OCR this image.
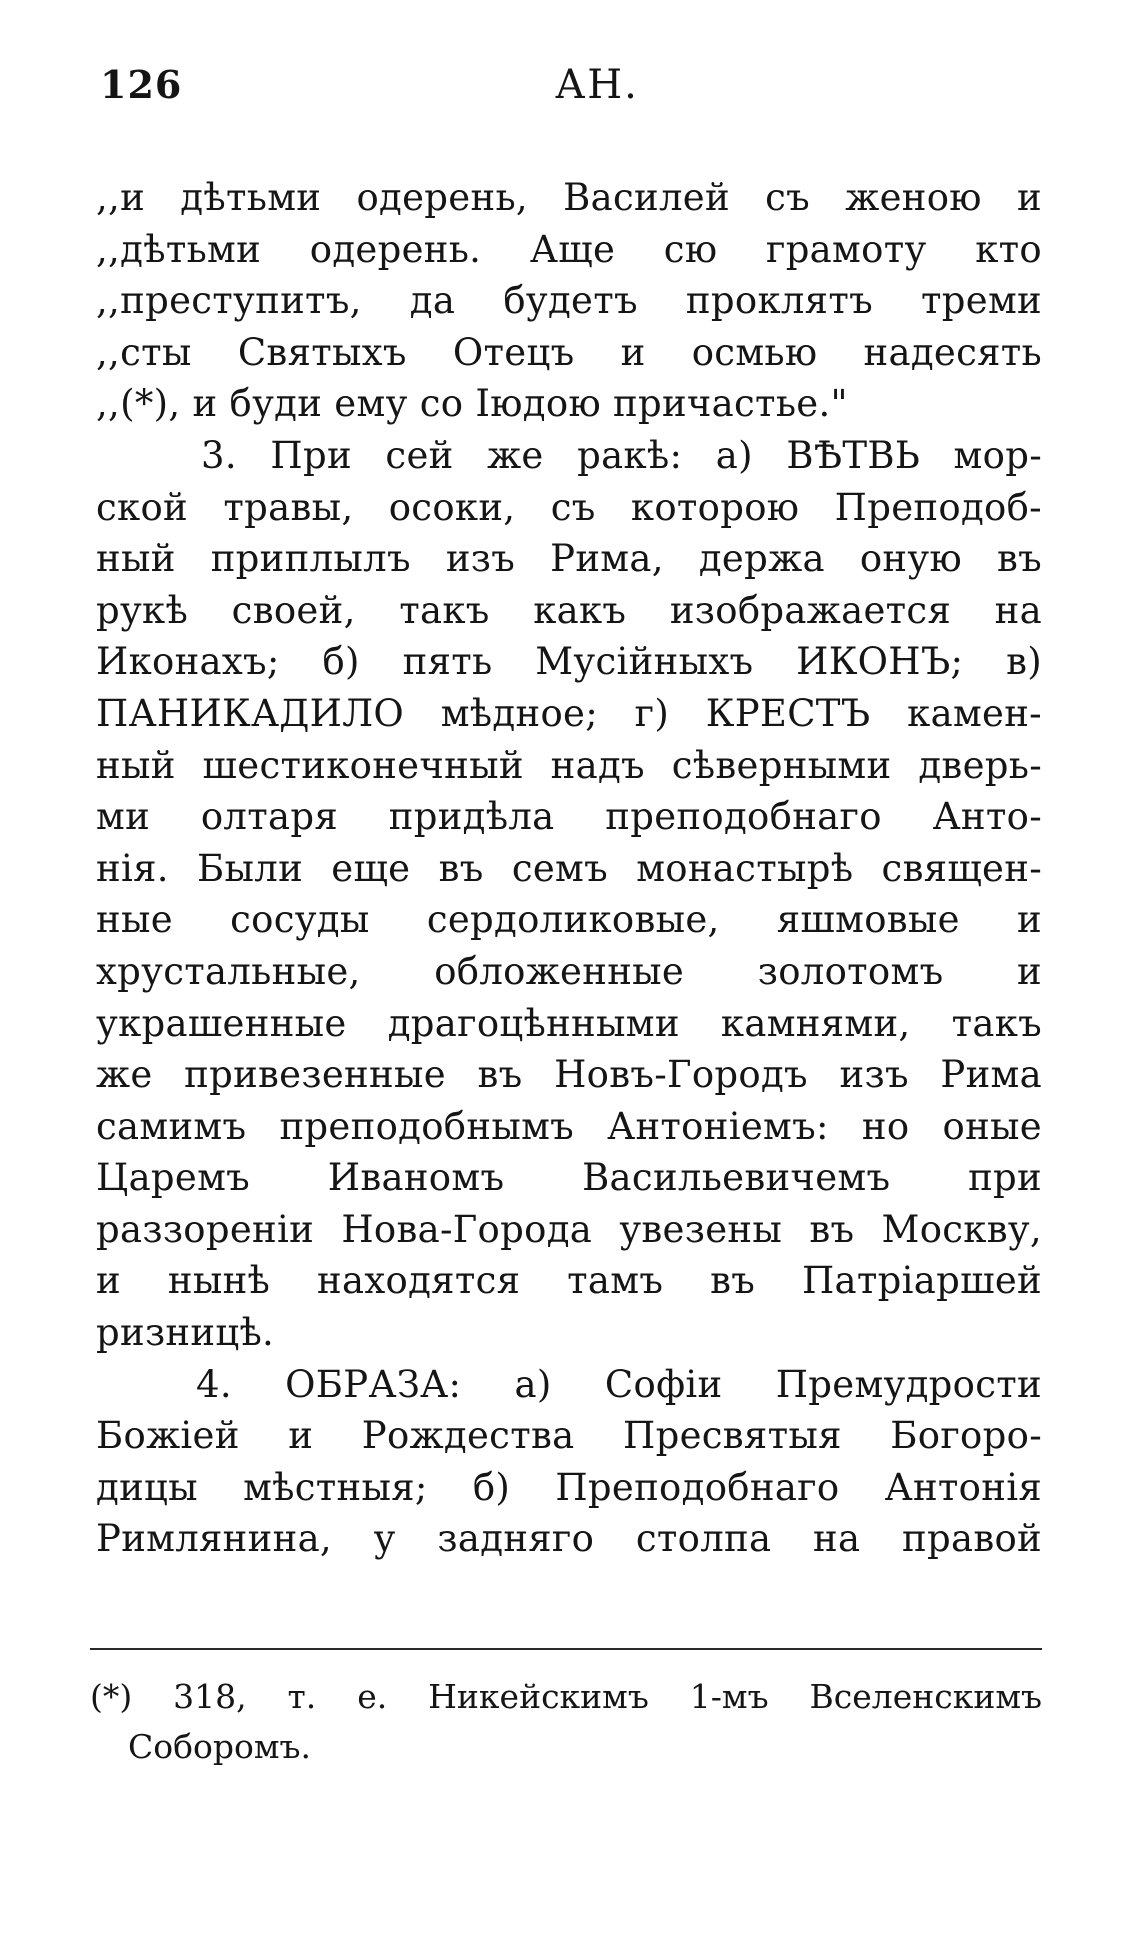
126	АН.
,,и дѣтьми одерень, Василей съ женою и
,,дѣтьми одерень. Аще сю грамоту кто
,,преступитъ, да будетъ проклятъ треми
,,сты Святыхъ Отецъ и осмью надесять
,,(*), и буди ему со Іюдою причастье."
3. При сей же ракѣ: а) ВѢТВЬ мор-
ской травы, осоки, съ которою Преподоб-
ный приплылъ изъ Рима, держа оную въ
рукѣ своей, такъ какъ изображается на
Иконахъ; б) пять Мусiйныхъ ИКОНЪ; в)
ПАНИКАДИЛО мѣдное; г) КРЕСТЪ камен-
ный шестиконечный надъ сѣверными дверь-
ми олтаря придѣла преподобнаго Анто-
нiя. Были еще въ семъ монастырѣ священ-
ные сосуды сердоликовые, яшмовые и
хрустальные, обложенные золотомъ и
украшенные драгоцѣнными камнями, такъ
же привезенные въ Новъ-Городъ изъ Рима
самимъ преподобнымъ Антонiемъ: но оные
Царемъ Иваномъ Васильевичемъ при
раззоренiи Нова-Города увезены въ Москву,
и нынѣ находятся тамъ въ Патрiаршей
ризницѣ.
4. ОБРАЗА: а) Софiи Премудрости
Божiей и Рождества Пресвятыя Богоро-
дицы мѣстныя; б) Преподобнаго Антонiя
Римлянина, у задняго столпа на правой
(*) 318, т. е. Никейскимъ 1-мъ Вселенскимъ
Соборомъ.
